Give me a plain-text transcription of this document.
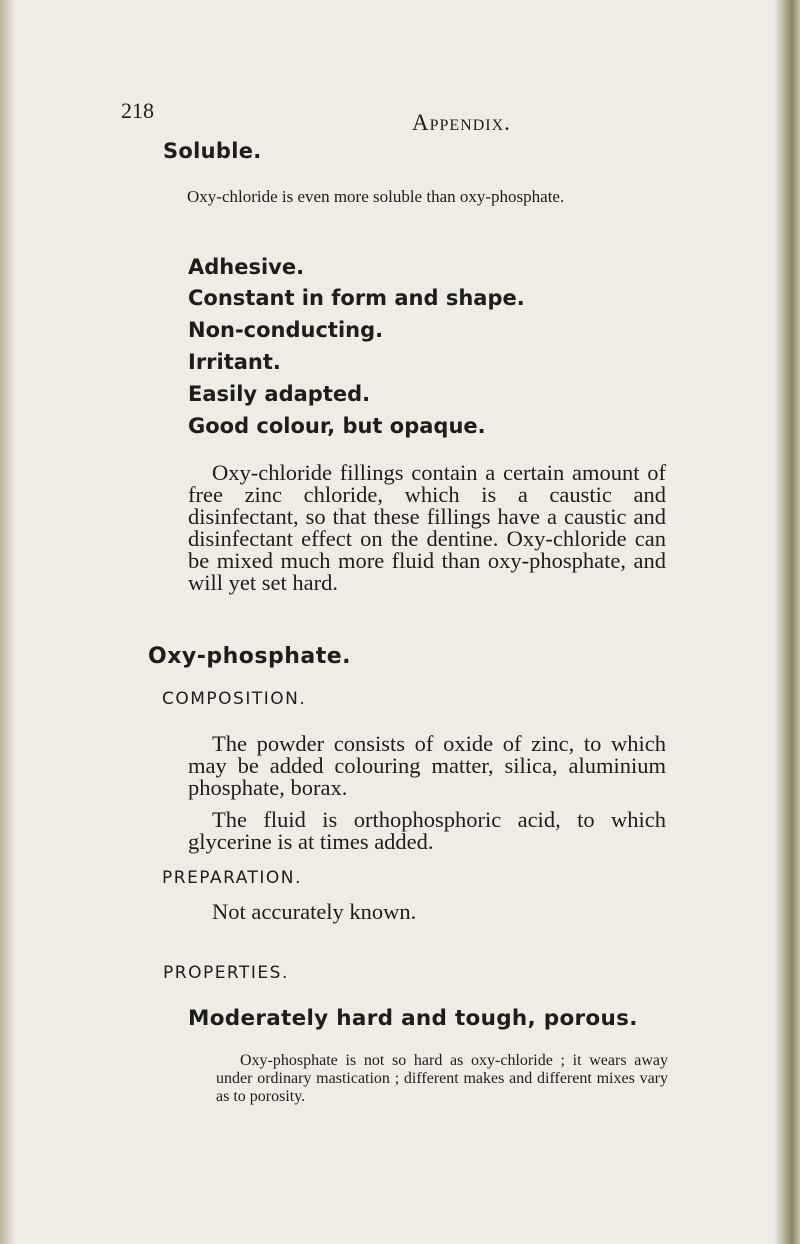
218	Appendix.
Soluble.
Oxy-chloride is even more soluble than oxy-phosphate.
Adhesive.
Constant in form and shape.
Non-conducting.
Irritant.
Easily adapted.
Good colour, but opaque.
Oxy-chloride fillings contain a certain amount of free zinc chloride, which is a caustic and disinfectant, so that these fillings have a caustic and disinfectant effect on the dentine. Oxy-chloride can be mixed much more fluid than oxy-phosphate, and will yet set hard.
Oxy-phosphate.
COMPOSITION.
The powder consists of oxide of zinc, to which may be added colouring matter, silica, aluminium phosphate, borax.
The fluid is orthophosphoric acid, to which glycerine is at times added.
PREPARATION.
Not accurately known.
PROPERTIES.
Moderately hard and tough, porous.
Oxy-phosphate is not so hard as oxy-chloride ; it wears away under ordinary mastication ; different makes and different mixes vary as to porosity.
